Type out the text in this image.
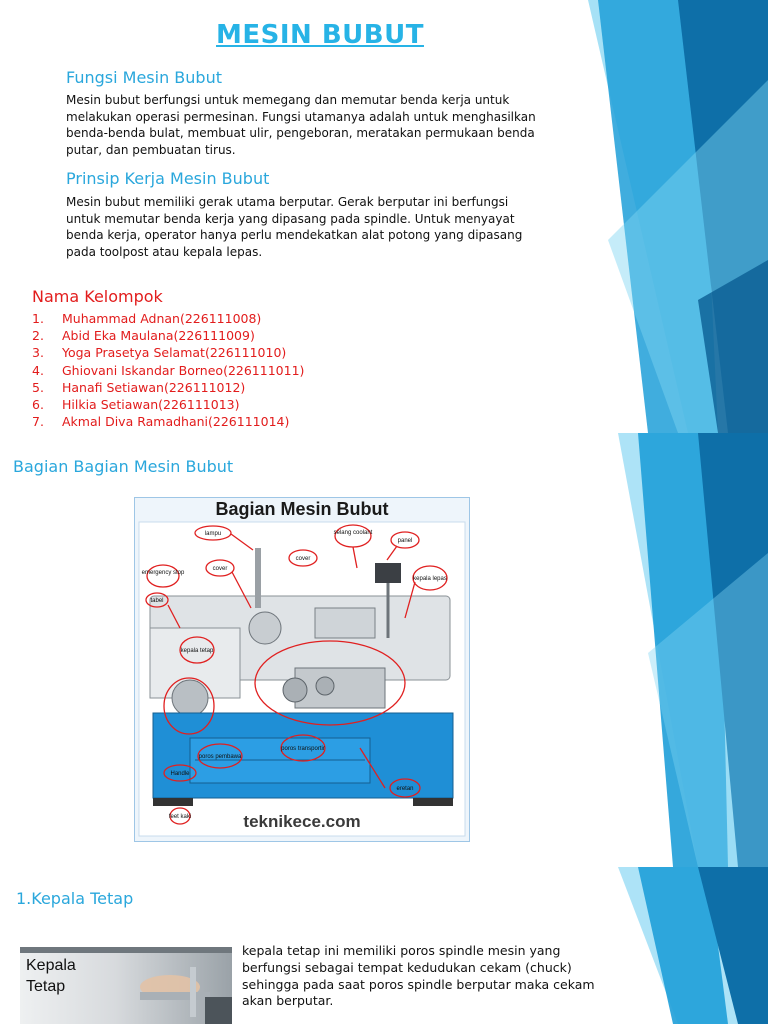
MESIN BUBUT
Fungsi Mesin Bubut
Mesin bubut berfungsi untuk memegang dan memutar benda kerja untuk
melakukan operasi permesinan. Fungsi utamanya adalah untuk menghasilkan
benda-benda bulat, membuat ulir, pengeboran, meratakan permukaan benda
putar, dan pembuatan tirus.
Prinsip Kerja Mesin Bubut
Mesin bubut memiliki gerak utama berputar. Gerak berputar ini berfungsi
untuk memutar benda kerja yang dipasang pada spindle. Untuk menyayat
benda kerja, operator hanya perlu mendekatkan alat potong yang dipasang
pada toolpost atau kepala lepas.
Nama Kelompok
1.	Muhammad Adnan(226111008)
2.	Abid Eka Maulana(226111009)
3.	Yoga Prasetya Selamat(226111010)
4.	Ghiovani Iskandar Borneo(226111011)
5.	Hanafi Setiawan(226111012)
6.	Hilkia Setiawan(226111013)
7.	Akmal Diva Ramadhani(226111014)
Bagian Bagian Mesin Bubut
Bagian Mesin Bubut
lampu	selang coolant
panel
cover
emergency stop
cover
kepala lepas
tabel
kepala tetap
poros pembawa
poros transportir
Handle
eretan
feet kaki	teknikece.com
1.Kepala Tetap
Kepala Tetap
kepala tetap ini memiliki poros spindle mesin yang
berfungsi sebagai tempat kedudukan cekam (chuck)
sehingga pada saat poros spindle berputar maka cekam
akan berputar.
